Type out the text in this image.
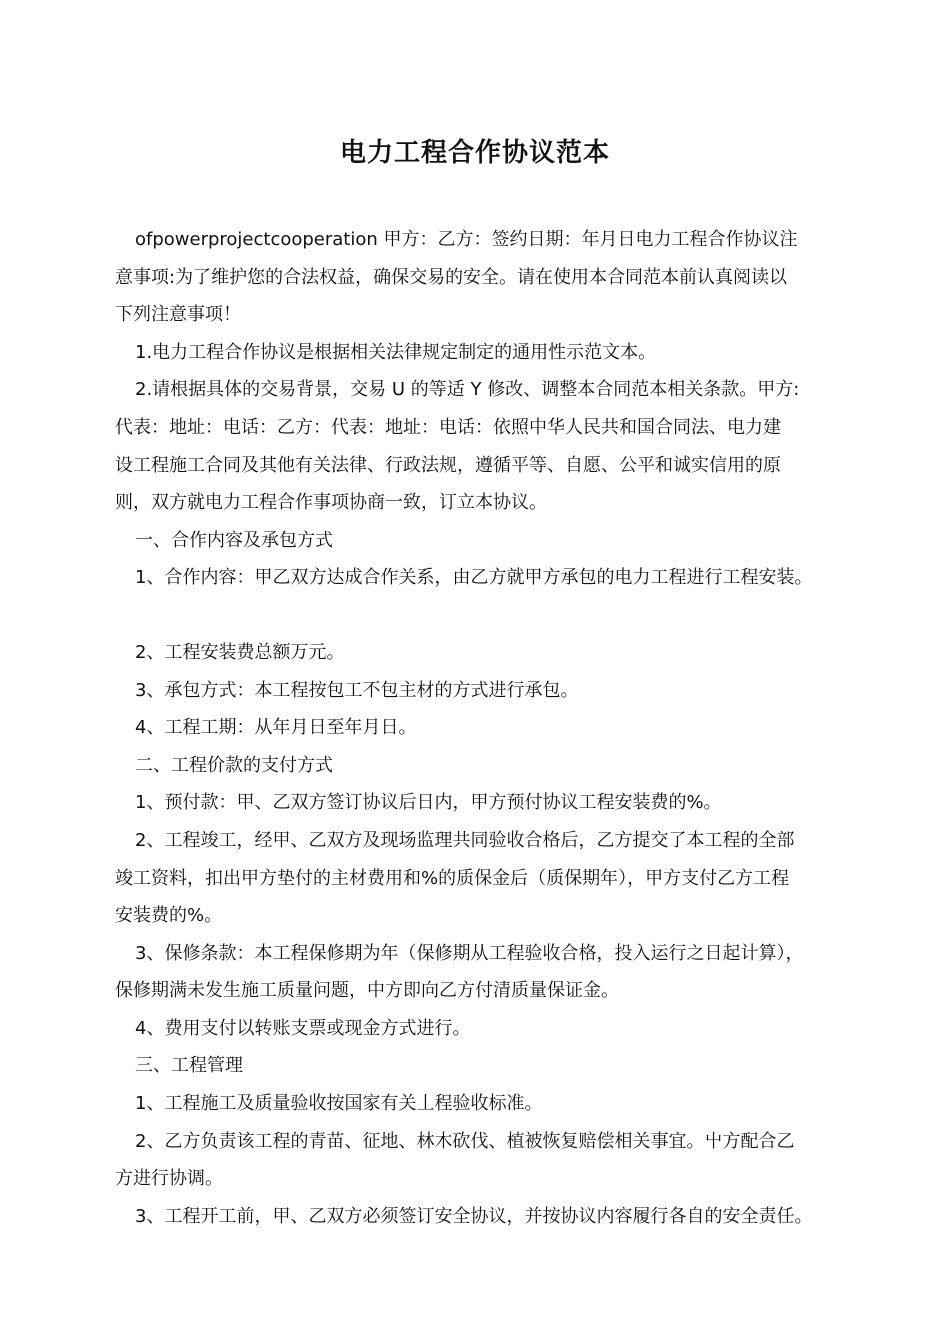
电力工程合作协议范本

ofpowerprojectcooperation 甲方：乙方：签约日期：年月日电力工程合作协议注

意事项:为了维护您的合法权益，确保交易的安全。请在使用本合同范本前认真阅读以

下列注意事项！

1.电力工程合作协议是根据相关法律规定制定的通用性示范文本。

2.请根据具体的交易背景，交易 U 的等适 Y 修改、调整本合同范本相关条款。甲方:

代表：地址：电话：乙方：代表：地址：电话：依照中华人民共和国合同法、电力建

设工程施工合同及其他有关法律、行政法规，遵循平等、自愿、公平和诚实信用的原

则，双方就电力工程合作事项协商一致，订立本协议。

一、合作内容及承包方式

1、合作内容：甲乙双方达成合作关系，由乙方就甲方承包的电力工程进行工程安装。

2、工程安装费总额万元。

3、承包方式：本工程按包工不包主材的方式进行承包。

4、工程工期：从年月日至年月日。

二、工程价款的支付方式

1、预付款：甲、乙双方签订协议后日内，甲方预付协议工程安装费的%。

2、工程竣工，经甲、乙双方及现场监理共同验收合格后，乙方提交了本工程的全部

竣工资料，扣出甲方垫付的主材费用和%的质保金后（质保期年），甲方支付乙方工程

安装费的%。

3、保修条款：本工程保修期为年（保修期从工程验收合格，投入运行之日起计算），

保修期满未发生施工质量问题，中方即向乙方付清质量保证金。

4、费用支付以转账支票或现金方式进行。

三、工程管理

1、工程施工及质量验收按国家有关丄程验收标准。

2、乙方负责该工程的青苗、征地、林木砍伐、植被恢复赔偿相关事宜。屮方配合乙

方进行协调。

3、工程开工前，甲、乙双方必须签订安全协议，并按协议内容履行各自的安全责任。
